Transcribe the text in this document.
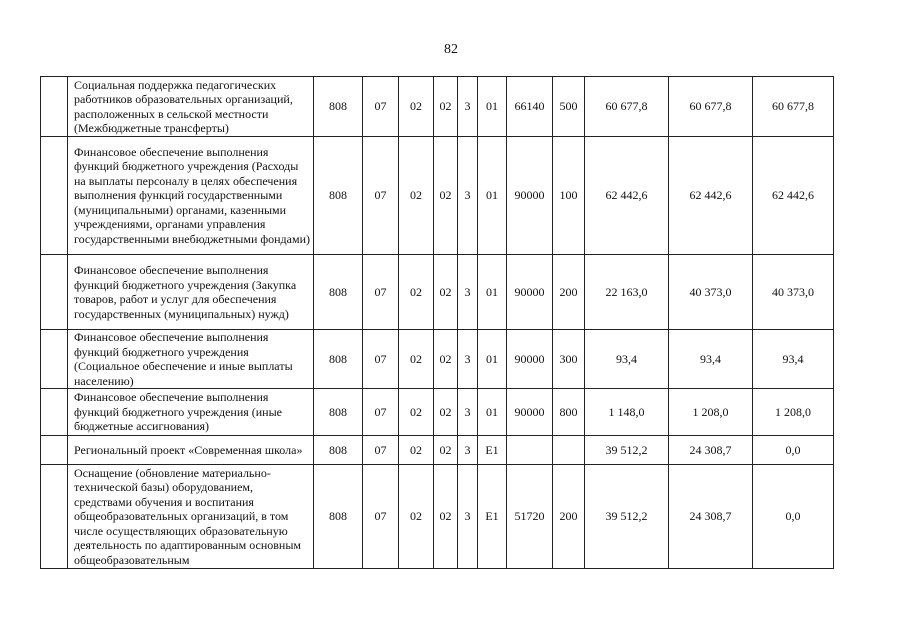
82
	Социальная поддержка педагогических работников образовательных организаций, расположенных в сельской местности (Межбюджетные трансферты)	808	07	02	02	3	01	66140	500	60 677,8	60 677,8	60 677,8
	Финансовое обеспечение выполнения функций бюджетного учреждения (Расходы на выплаты персоналу в целях обеспечения выполнения функций государственными (муниципальными) органами, казенными учреждениями, органами управления государственными внебюджетными фондами)	808	07	02	02	3	01	90000	100	62 442,6	62 442,6	62 442,6
	Финансовое обеспечение выполнения функций бюджетного учреждения (Закупка товаров, работ и услуг для обеспечения государственных (муниципальных) нужд)	808	07	02	02	3	01	90000	200	22 163,0	40 373,0	40 373,0
	Финансовое обеспечение выполнения функций бюджетного учреждения (Социальное обеспечение и иные выплаты населению)	808	07	02	02	3	01	90000	300	93,4	93,4	93,4
	Финансовое обеспечение выполнения функций бюджетного учреждения (иные бюджетные ассигнования)	808	07	02	02	3	01	90000	800	1 148,0	1 208,0	1 208,0
	Региональный проект «Современная школа»	808	07	02	02	3	E1			39 512,2	24 308,7	0,0
	Оснащение (обновление материально-технической базы) оборудованием, средствами обучения и воспитания общеобразовательных организаций, в том числе осуществляющих образовательную деятельность по адаптированным основным общеобразовательным	808	07	02	02	3	E1	51720	200	39 512,2	24 308,7	0,0
